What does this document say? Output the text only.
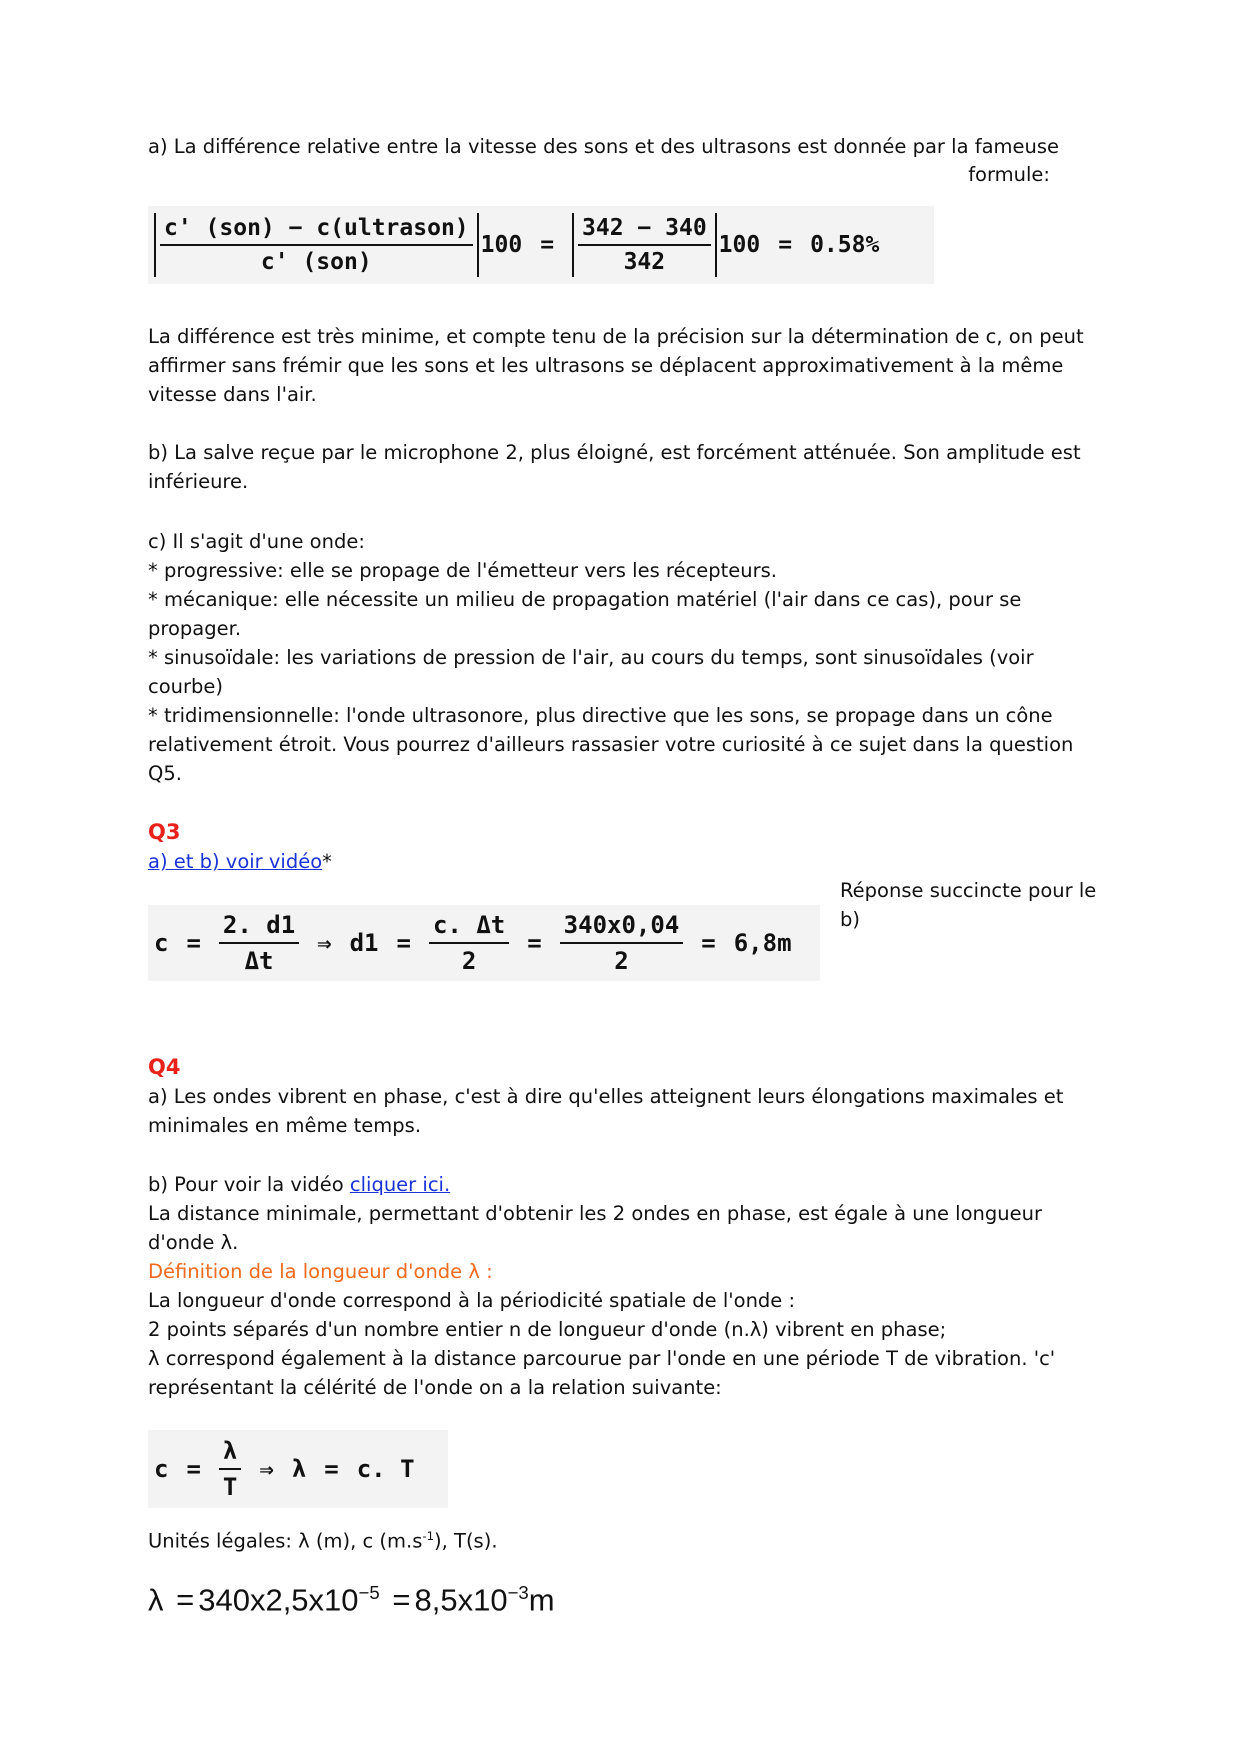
a) La différence relative entre la vitesse des sons et des ultrasons est donnée par la fameuse
formule:
$\frac{\text{c' (son) − c(ultrason)}}{\text{c' (son)}} 100 = \frac{342 - 340}{342} 100 = 0.58\%$
La différence est très minime, et compte tenu de la précision sur la détermination de c, on peut affirmer sans frémir que les sons et les ultrasons se déplacent approximativement à la même vitesse dans l'air.
b) La salve reçue par le microphone 2, plus éloigné, est forcément atténuée. Son amplitude est inférieure.
c) Il s'agit d'une onde:
* progressive: elle se propage de l'émetteur vers les récepteurs.
* mécanique: elle nécessite un milieu de propagation matériel (l'air dans ce cas), pour se propager.
* sinusoïdale: les variations de pression de l'air, au cours du temps, sont sinusoïdales (voir courbe)
* tridimensionnelle: l'onde ultrasonore, plus directive que les sons, se propage dans un cône relativement étroit. Vous pourrez d'ailleurs rassasier votre curiosité à ce sujet dans la question Q5.
Q3
a) et b) voir vidéo*
Réponse succincte pour le b)
$c = \frac{2. d1}{\Delta t}$ ⇒ $d1 = \frac{c. \Delta t}{2} = \frac{340x0,04}{2} = 6,8m$
Q4
a) Les ondes vibrent en phase, c'est à dire qu'elles atteignent leurs élongations maximales et minimales en même temps.
b) Pour voir la vidéo cliquer ici.
La distance minimale, permettant d'obtenir les 2 ondes en phase, est égale à une longueur d'onde λ.
Définition de la longueur d'onde λ :
La longueur d'onde correspond à la périodicité spatiale de l'onde :
2 points séparés d'un nombre entier n de longueur d'onde (n.λ) vibrent en phase;
λ correspond également à la distance parcourue par l'onde en une période T de vibration. 'c' représentant la célérité de l'onde on a la relation suivante:
$c = \frac{\lambda}{T}$ ⇒ λ = c. T
Unités légales: λ (m), c $(m.s^{-1})$, T(s).
$\lambda = 340x2,5x10^{-5} = 8,5x10^{-3}m$
